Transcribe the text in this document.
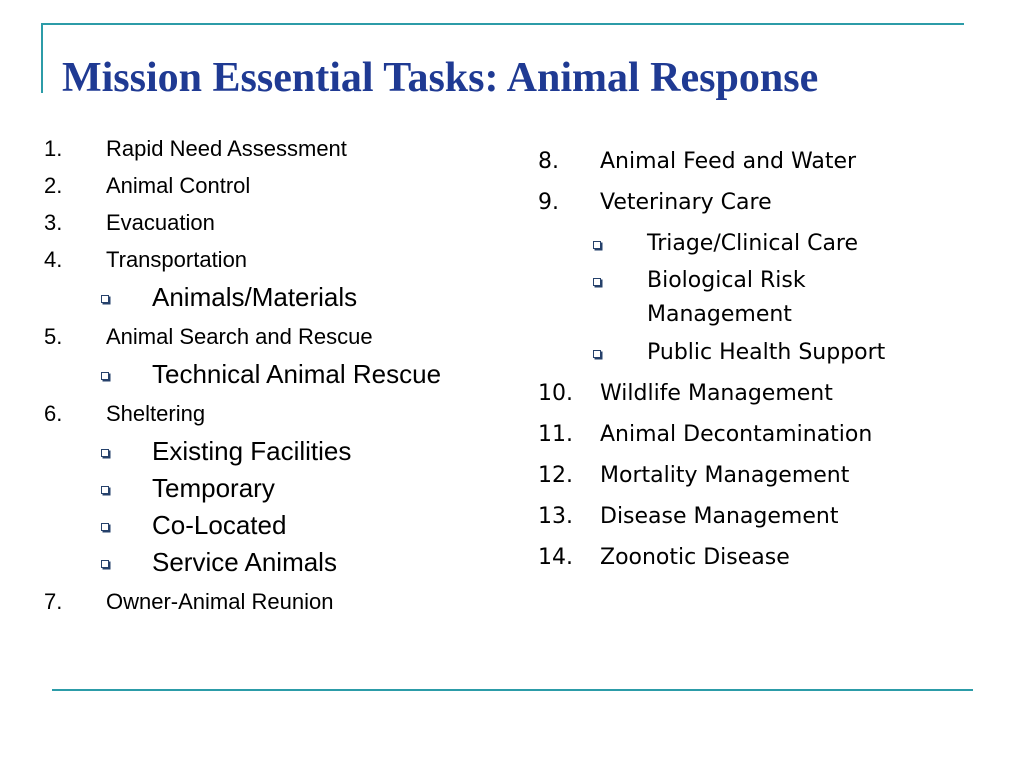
Mission Essential Tasks: Animal Response
1. Rapid Need Assessment
2. Animal Control
3. Evacuation
4. Transportation
Animals/Materials
5. Animal Search and Rescue
Technical Animal Rescue
6. Sheltering
Existing Facilities
Temporary
Co-Located
Service Animals
7. Owner-Animal Reunion
8. Animal Feed and Water
9. Veterinary Care
Triage/Clinical Care
Biological Risk Management
Public Health Support
10. Wildlife Management
11. Animal Decontamination
12. Mortality Management
13. Disease Management
14. Zoonotic Disease
